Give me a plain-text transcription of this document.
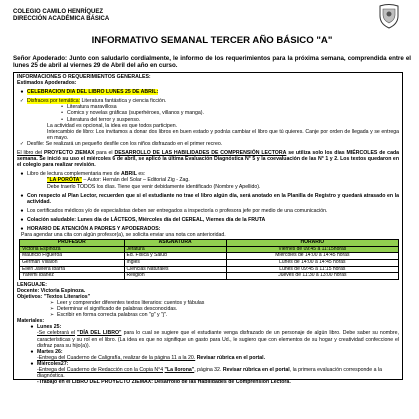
COLEGIO CAMILO HENRÍQUEZ
DIRECCIÓN ACADÉMICA BÁSICA
INFORMATIVO SEMANAL TERCER AÑO BÁSICO "A"
Señor Apoderado: Junto con saludarlo cordialmente, le informo de los requerimientos para la próxima semana, comprendida entre el lunes 25 de abril al viernes 29 de Abril del año en curso.
INFORMACIONES O REQUERIMIENTOS GENERALES:
Estimados Apoderados:
● CELEBRACION DIA DEL LIBRO LUNES 25 DE ABRIL:
✓ Disfraces por temática: Literatura fantástica y ciencia ficción.
• Literatura maravillosa
• Comics y novelas gráficas (superhéroes, villanos y manga).
• Literatura del terror y suspenso.
La actividad es opcional, la idea es que todos participen.
Intercambio de libro: Los invitamos a donar dos libros en buen estado y podrás cambiar el libro que tú quieres. Canje por orden de llegada y se entrega en mayo.
✓ Desfile: Se realizará un pequeño desfile con los niños disfrazado en el primer recreo.
El libro del PROYECTO ZIEMAX para el DESARROLLO DE LAS HABILIDADES DE COMPRENSIÓN LECTORA se utiliza solo los días MIÉRCOLES de cada semana. Se inició su uso el miércoles 6 de abril, se aplicó la última Evaluación Diagnóstica N° 5 y la coevaluación de las N° 1 y 2. Los textos quedaron en el colegio para realizar revisión.
● Libro de lectura complementaria mes de ABRIL es:
"LA PORÓTA" – Autor: Hernán del Solar – Editorial Zig - Zag.
Debe traerlo TODOS los días. Tiene que venir debidamente identificado (Nombre y Apellido).
● Con respecto al Plan Lector, recuerden que si el estudiante no trae el libro algún día, será anotado en la Planilla de Registro y quedará atrasado en la actividad.
● Los certificados médicos y/o de especialistas deben ser entregados a inspectoría o profesora jefe por medio de una comunicación.
● Colación saludable: Lunes día de LÁCTEOS, Miércoles día del CEREAL, Viernes día de la FRUTA
● HORARIO DE ATENCIÓN A PADRES Y APODERADOS:
Para agendar una cita con algún profesor(a), se solicita enviar una nota con anterioridad.
PROFESOR	ASIGNATURA	HORARIO
Victoria Espinoza	Jefatura	Viernes de 09:45 a 11:15horas
Mauricio Figueroa	Ed. Física y Salud	Miércoles de 14:00 a 14:45 horas
Germán Villalón	Inglés	Lunes de 14:00 a 14:45 horas
Ellen Javiera Ibarra	Ciencias Naturales	Lunes de 09:45 a 11:15 horas
Yaremi Ibáñez	Religión	Jueves de 11:30 a 13:00 horas
LENGUAJE:
Docente: Victoria Espinoza.
Objetivos: "Textos Literarios"
➢ Leer y comprender diferentes textos literarios: cuentos y fábulas
➢ Determinar el significado de palabras desconocidas.
➢ Escribir en forma correcta palabras con "g" y "j".
Materiales:
● Lunes 25:
-Se celebrará el "DÍA DEL LIBRO" para lo cual se sugiere que el estudiante venga disfrazado de un personaje de algún libro. Debe saber su nombre, características y su rol en el libro. (La idea es que no signifique un gasto para Ud., le sugiero que con elementos de su hogar y creatividad confeccione el disfraz para su hijo(a)).
● Martes 26:
-Entrega del Cuaderno de Caligrafía, realizar de la página 11 a la 20. Revisar rúbrica en el portal.
● Miércoles27:
-Entrega del Cuaderno de Redacción con la Copia N°4 "La llorona", página 32. Revisar rúbrica en el portal, la primera evaluación corresponde a la diagnóstica.
-Trabajo en el LIBRO DEL PROYECTO ZIEMAX: Desarrollo de las Habilidades de Comprensión Lectora.
